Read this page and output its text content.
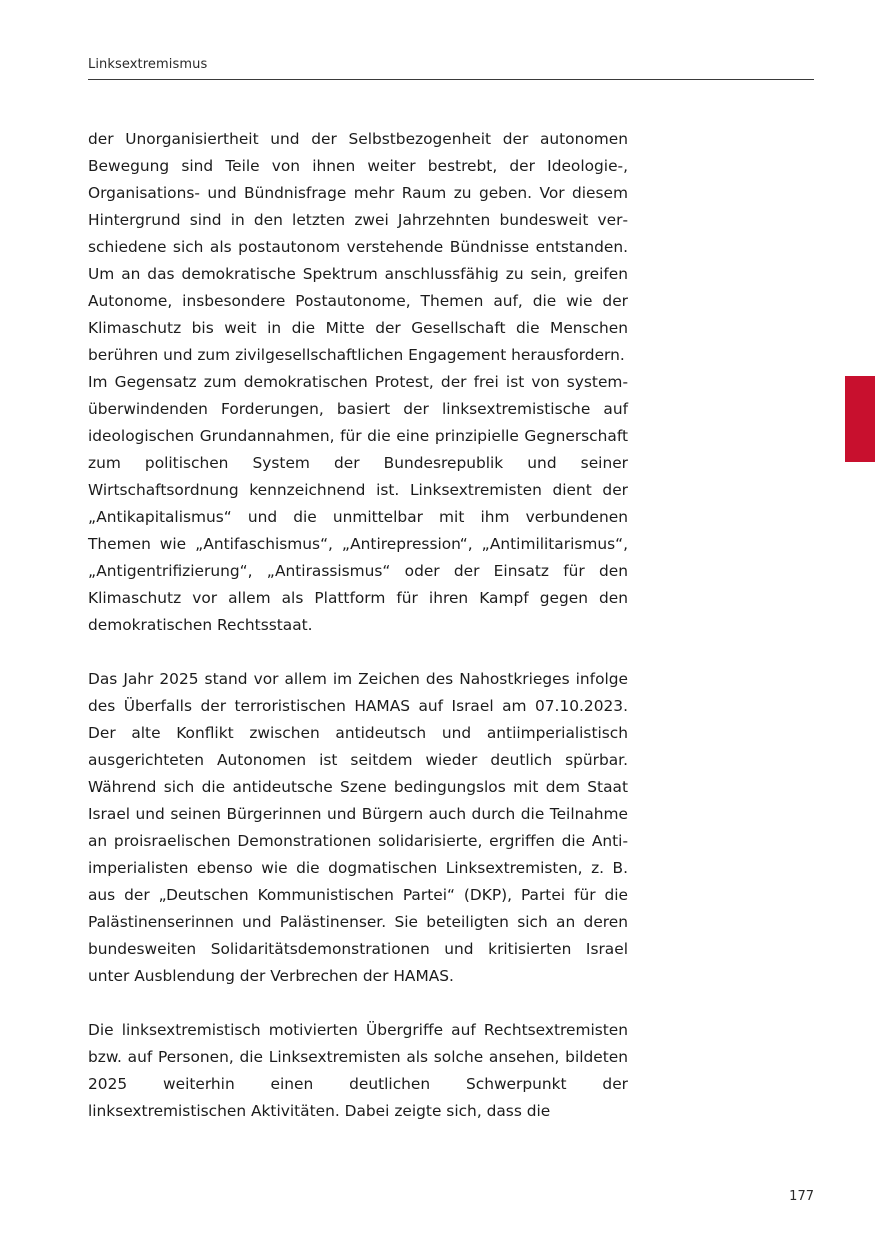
Linksextremismus

der Unorganisiertheit und der Selbstbezogenheit der autonomen Bewegung sind Teile von ihnen weiter bestrebt, der Ideologie-, Organisations- und Bündnisfrage mehr Raum zu geben. Vor diesem Hintergrund sind in den letzten zwei Jahrzehnten bundesweit verschiedene sich als postautonom verstehende Bündnisse entstanden. Um an das demokratische Spektrum anschlussfähig zu sein, greifen Autonome, insbesondere Postautonome, Themen auf, die wie der Klimaschutz bis weit in die Mitte der Gesellschaft die Menschen berühren und zum zivilgesellschaftlichen Engagement herausfordern.

Im Gegensatz zum demokratischen Protest, der frei ist von systemüberwindenden Forderungen, basiert der linksextremistische auf ideologischen Grundannahmen, für die eine prinzipielle Gegnerschaft zum politischen System der Bundesrepublik und seiner Wirtschaftsordnung kennzeichnend ist. Linksextremisten dient der „Antikapitalismus“ und die unmittelbar mit ihm verbundenen Themen wie „Antifaschismus“, „Antirepression“, „Antimilitarismus“, „Antigentrifizierung“, „Antirassismus“ oder der Einsatz für den Klimaschutz vor allem als Plattform für ihren Kampf gegen den demokratischen Rechtsstaat.

Das Jahr 2025 stand vor allem im Zeichen des Nahostkrieges infolge des Überfalls der terroristischen HAMAS auf Israel am 07.10.2023. Der alte Konflikt zwischen antideutsch und antiimperialistisch ausgerichteten Autonomen ist seitdem wieder deutlich spürbar. Während sich die antideutsche Szene bedingungslos mit dem Staat Israel und seinen Bürgerinnen und Bürgern auch durch die Teilnahme an proisraelischen Demonstrationen solidarisierte, ergriffen die Antiimperialisten ebenso wie die dogmatischen Linksextremisten, z. B. aus der „Deutschen Kommunistischen Partei“ (DKP), Partei für die Palästinenserinnen und Palästinenser. Sie beteiligten sich an deren bundesweiten Solidaritätsdemonstrationen und kritisierten Israel unter Ausblendung der Verbrechen der HAMAS.

Die linksextremistisch motivierten Übergriffe auf Rechtsextremisten bzw. auf Personen, die Linksextremisten als solche ansehen, bildeten 2025 weiterhin einen deutlichen Schwerpunkt der linksextremistischen Aktivitäten. Dabei zeigte sich, dass die

177
